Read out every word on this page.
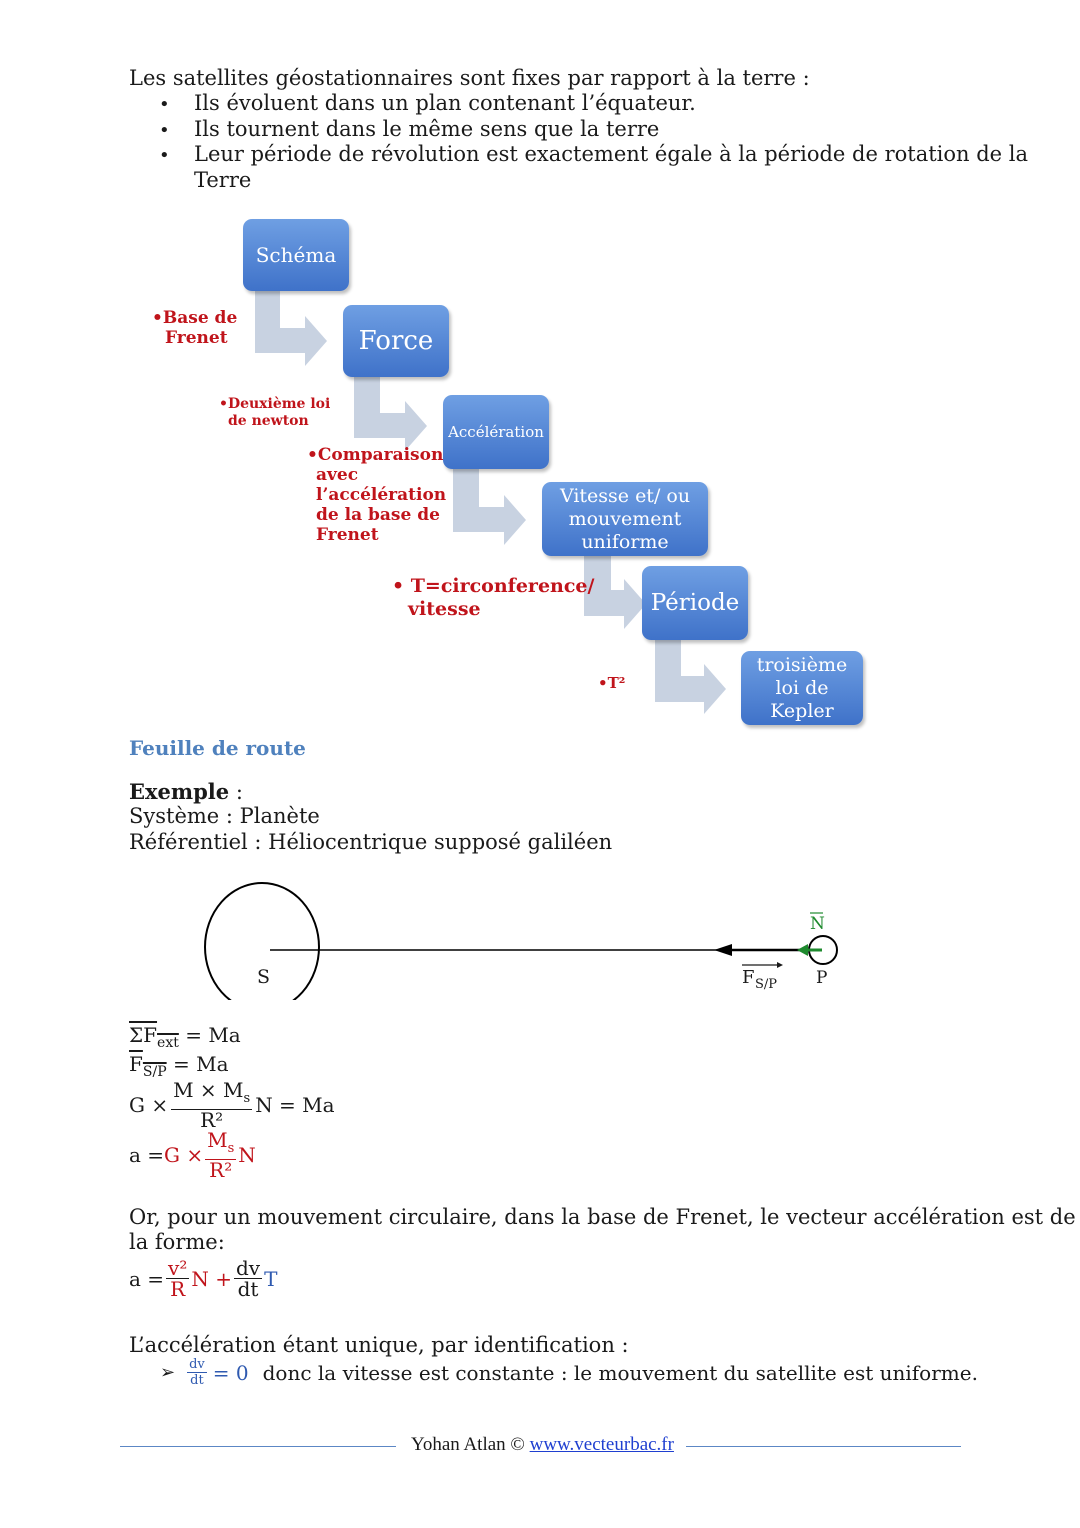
Les satellites géostationnaires sont fixes par rapport à la terre :
• Ils évoluent dans un plan contenant l’équateur.
• Ils tournent dans le même sens que la terre
• Leur période de révolution est exactement égale à la période de rotation de la
Terre
Schéma
Force
Accélération
Vitesse et/ ou
mouvement
uniforme
Période
troisième
loi de
Kepler
•Base de
Frenet
•Deuxième loi
de newton
•Comparaison
avec
l’accélération
de la base de
Frenet
• T=circonference/
vitesse
•T²
Feuille de route
Exemple :
Système : Planète
Référentiel : Héliocentrique supposé galiléen
S	P
N
F S/P
$\Sigma F_{ext} = Ma$
$F_{S/P} = Ma$
$G \times \frac{M \times M_s}{\text{R²}}$ N = Ma
$a = G \times \frac{M_s}{\text{R²}}$ N
Or, pour un mouvement circulaire, dans la base de Frenet, le vecteur accélération est de
la forme:
$a = \frac{\text{v²}}{R}$ $N + \frac{dv}{dt}$ T
L’accélération étant unique, par identification :
➢ $\frac{dv}{dt} = 0$ donc la vitesse est constante : le mouvement du satellite est uniforme.
Yohan Atlan © www.vecteurbac.fr
